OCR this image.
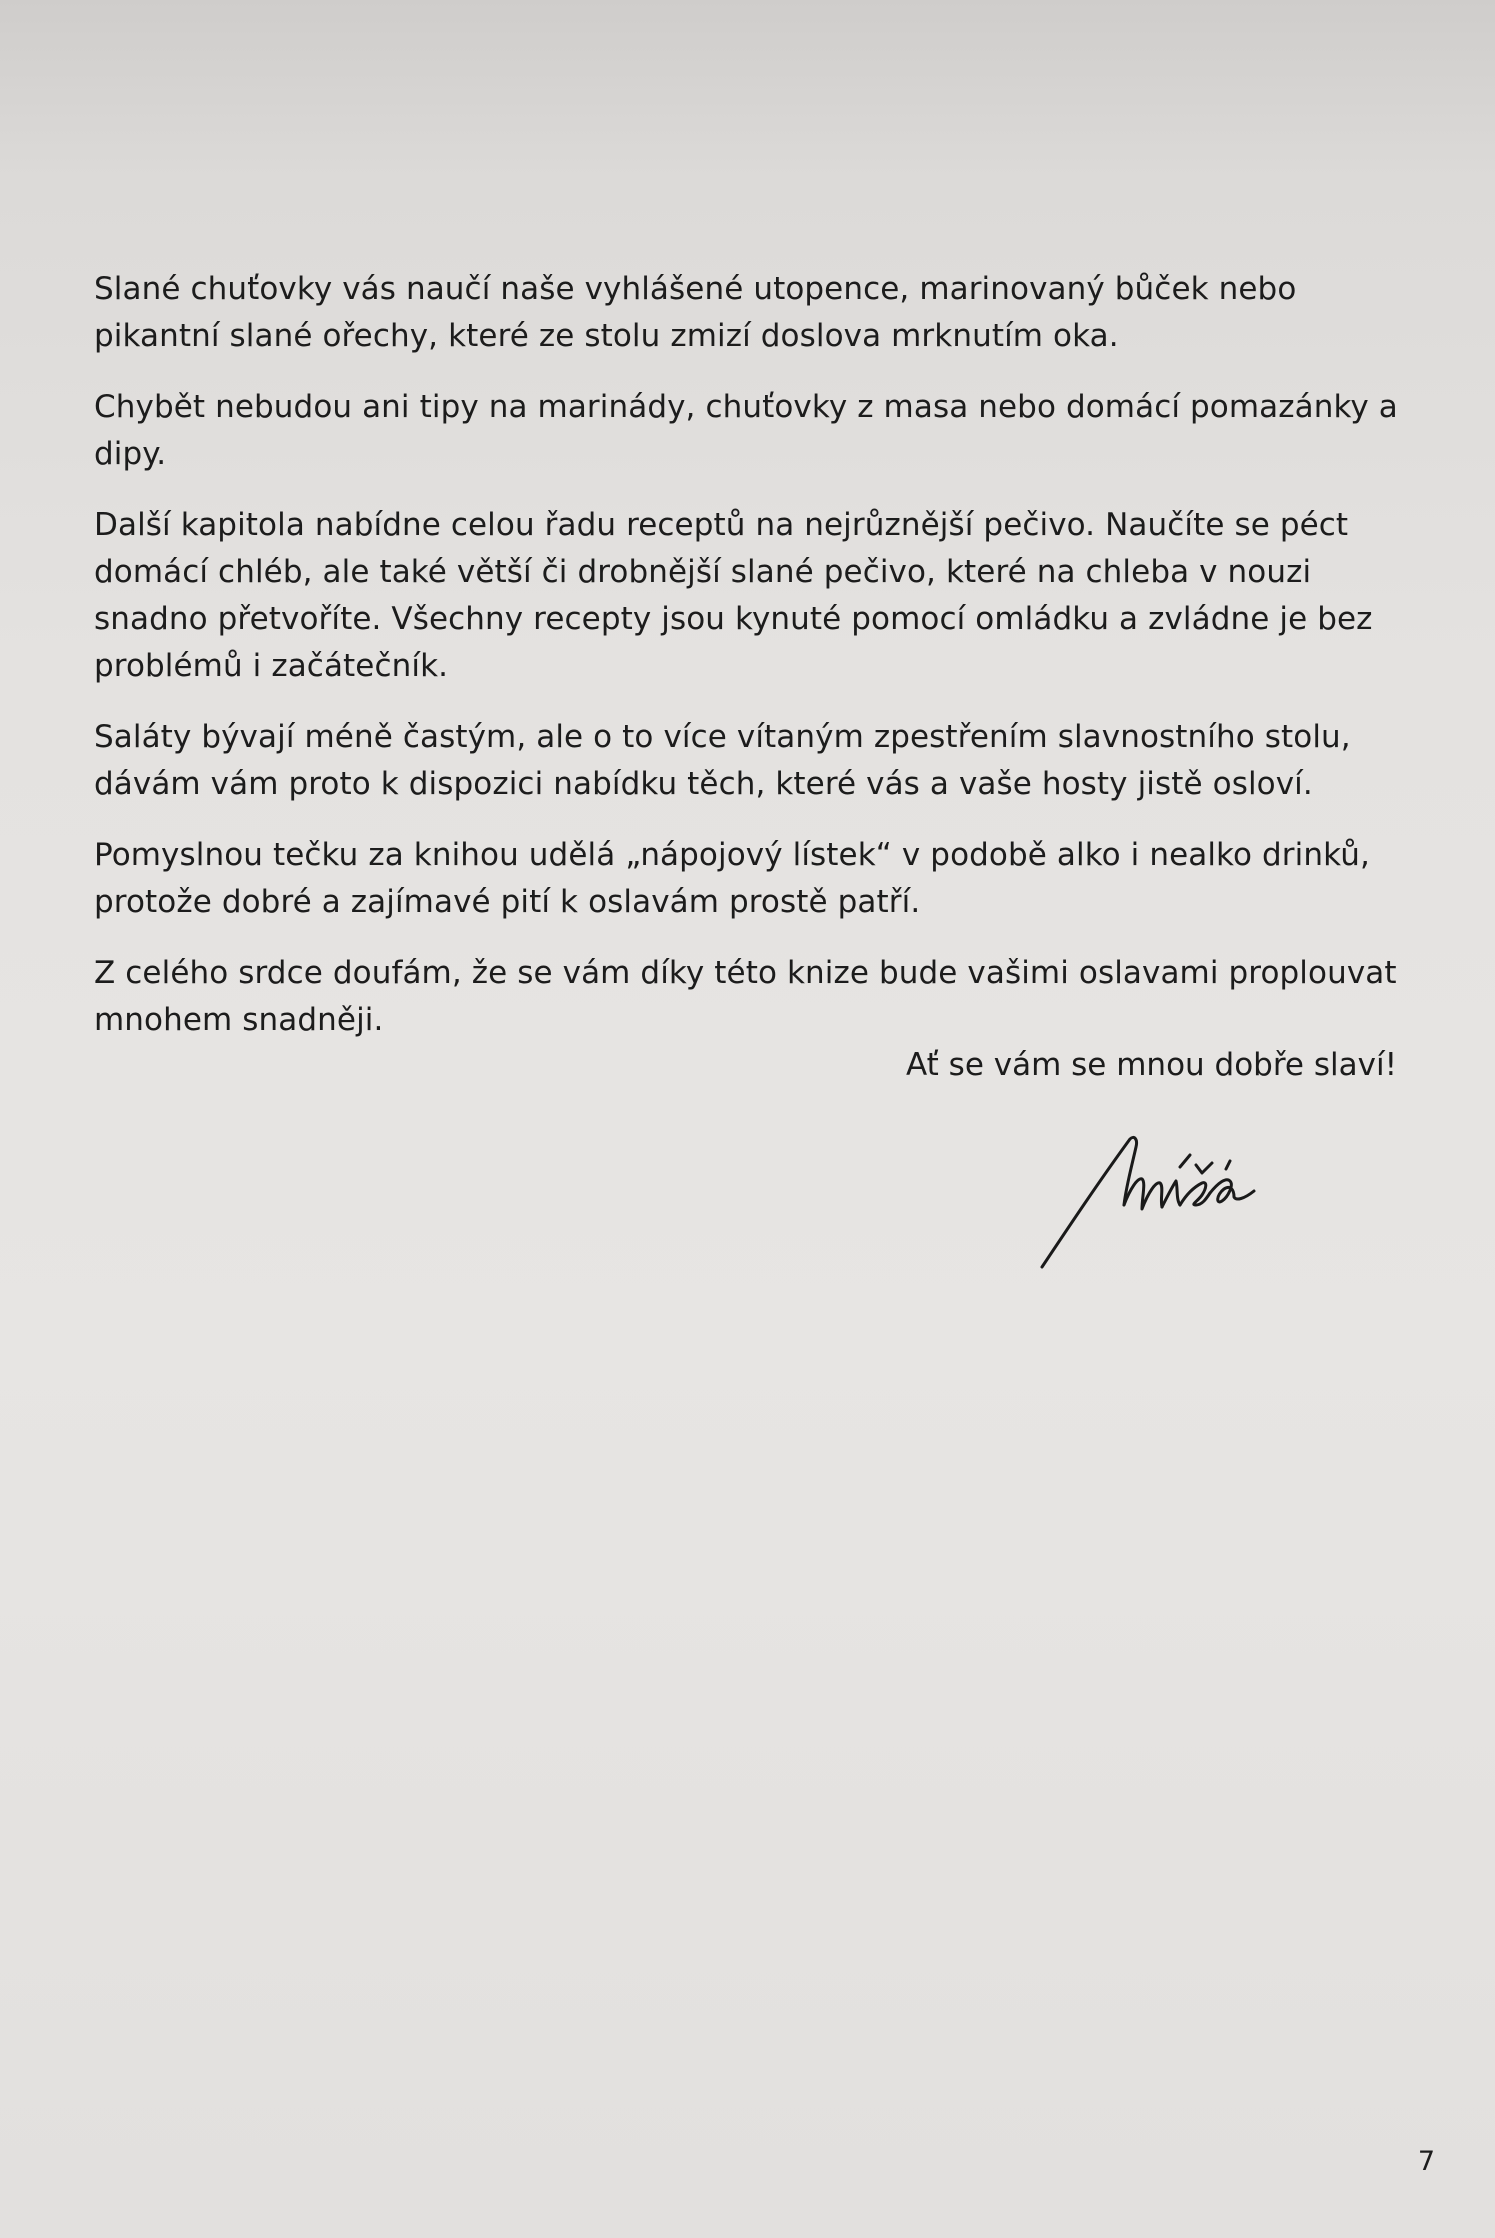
Slané chuťovky vás naučí naše vyhlášené utopence, marinovaný bůček nebo pikantní slané ořechy, které ze stolu zmizí doslova mrknutím oka.

Chybět nebudou ani tipy na marinády, chuťovky z masa nebo domácí pomazánky a dipy.

Další kapitola nabídne celou řadu receptů na nejrůznější pečivo. Naučíte se péct domácí chléb, ale také větší či drobnější slané pečivo, které na chleba v nouzi snadno přetvoříte. Všechny recepty jsou kynuté pomocí omládku a zvládne je bez problémů i začátečník.

Saláty bývají méně častým, ale o to více vítaným zpestřením slavnostního stolu, dávám vám proto k dispozici nabídku těch, které vás a vaše hosty jistě osloví.

Pomyslnou tečku za knihou udělá „nápojový lístek“ v podobě alko i nealko drinků, protože dobré a zajímavé pití k oslavám prostě patří.

Z celého srdce doufám, že se vám díky této knize bude vašimi oslavami proplouvat mnohem snadněji.

Ať se vám se mnou dobře slaví!

7
